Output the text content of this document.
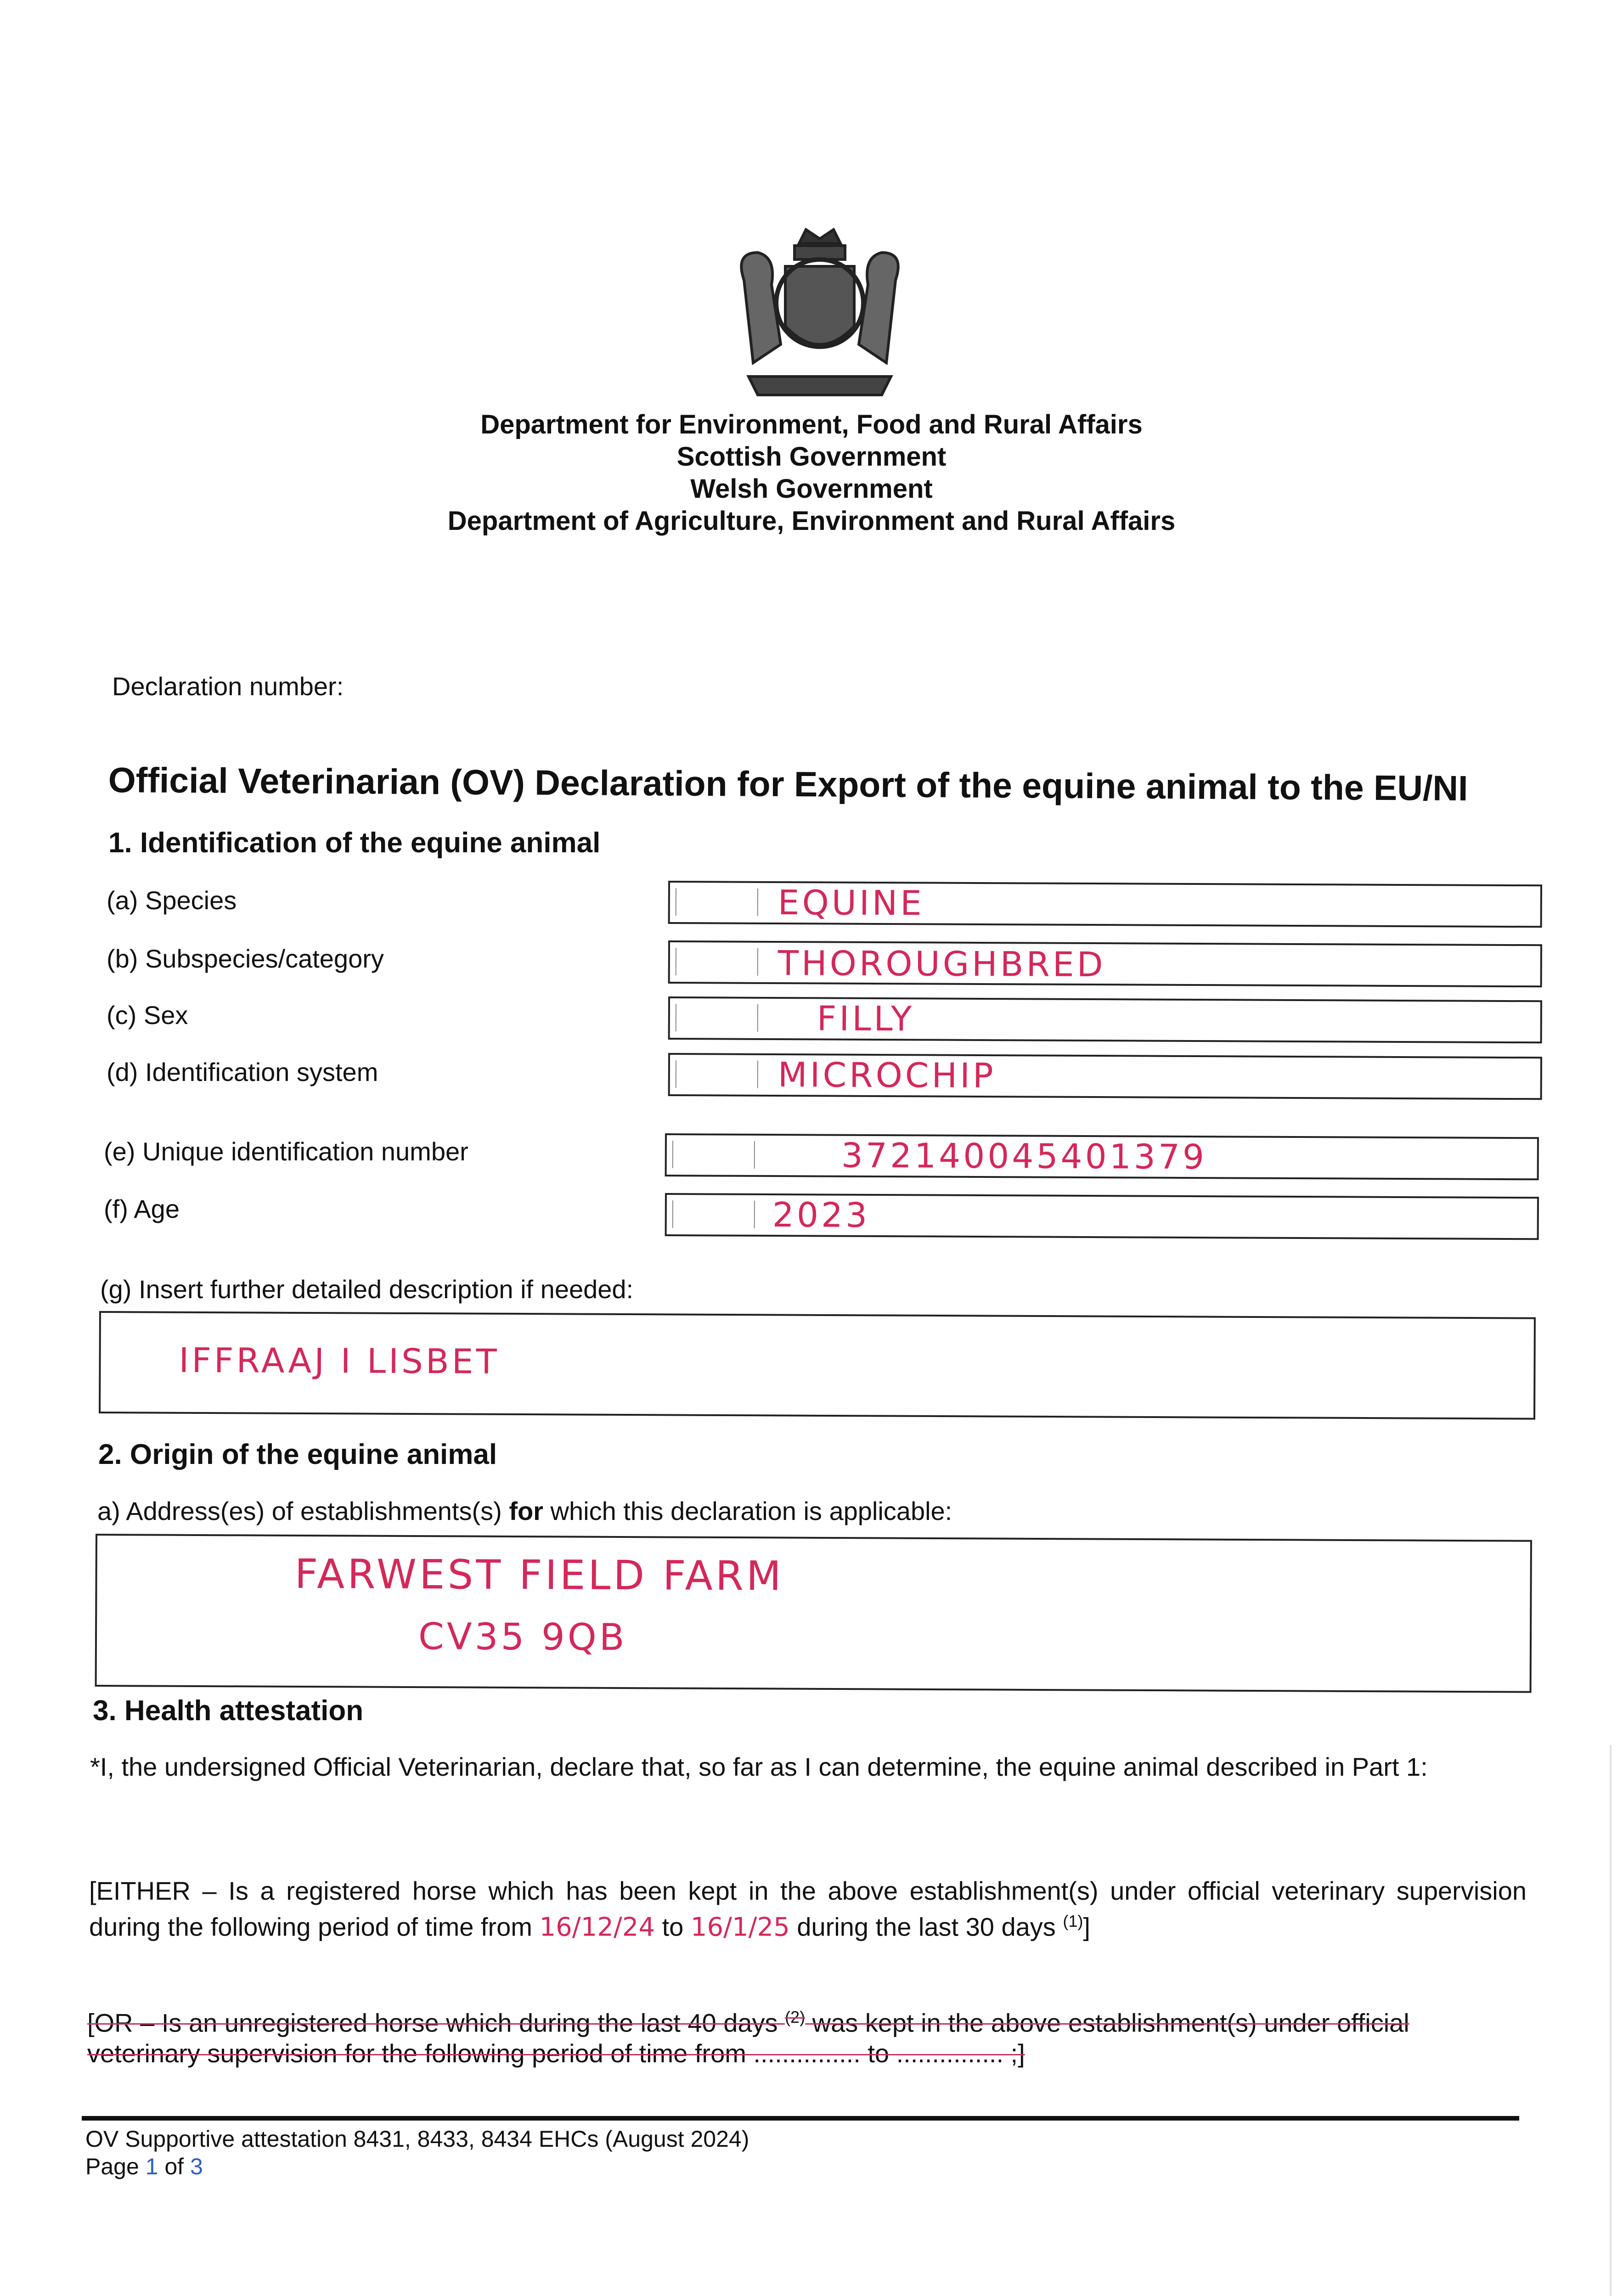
Department for Environment, Food and Rural Affairs
Scottish Government
Welsh Government
Department of Agriculture, Environment and Rural Affairs
Declaration number:
Official Veterinarian (OV) Declaration for Export of the equine animal to the EU/NI
1. Identification of the equine animal
(a) Species	EQUINE
(b) Subspecies/category	THOROUGHBRED
(c) Sex	FILLY
(d) Identification system	MICROCHIP
(e) Unique identification number	372140045401379
(f) Age	2023
(g) Insert further detailed description if needed:
IFFRAAJ I LISBET
2. Origin of the equine animal
a) Address(es) of establishments(s) for which this declaration is applicable:
FARWEST FIELD FARM
CV35 9QB
3. Health attestation
*I, the undersigned Official Veterinarian, declare that, so far as I can determine, the equine animal described in Part 1:
[EITHER – Is a registered horse which has been kept in the above establishment(s) under official veterinary supervision during the following period of time from 16/12/24 to 16/1/25 during the last 30 days $^{(1)}$]
[OR – Is an unregistered horse which during the last 40 days $^{(2)}$ was kept in the above establishment(s) under official veterinary supervision for the following period of time from ............... to ............... ;]
OV Supportive attestation 8431, 8433, 8434 EHCs (August 2024)
Page 1 of 3
